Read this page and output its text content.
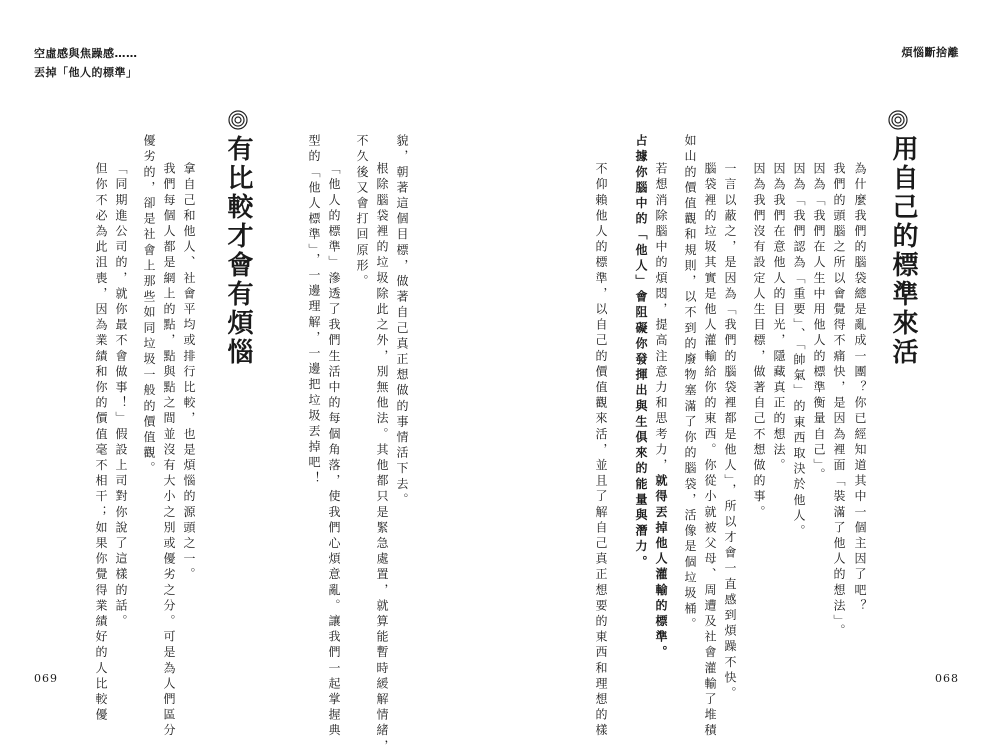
空虛感與焦躁感……
丟掉「他人的標準」
煩惱斷捨離
用自己的標準來活
為什麼我們的腦袋總是亂成一團？你已經知道其中一個主因了吧？
我們的頭腦之所以會覺得不痛快，是因為裡面「裝滿了他人的想法」。
因為「我們在人生中用他人的標準衡量自己」。
因為「我們認為「重要」、「帥氣」的東西取決於他人。
因為我們在意他人的目光，隱藏真正的想法。
因為我們沒有設定人生目標，做著自己不想做的事。
一言以蔽之，是因為「我們的腦袋裡都是他人」，所以才會一直感到煩躁不快。
腦袋裡的垃圾其實是他人灌輸給你的東西。你從小就被父母、周遭及社會灌輸了堆積
如山的價值觀和規則，以不到的廢物塞滿了你的腦袋，活像是個垃圾桶。
若想消除腦中的煩悶，提高注意力和思考力，就得丟掉他人灌輸的標準。
占據你腦中的「他人」會阻礙你發揮出與生俱來的能量與潛力。
不仰賴他人的標準，以自己的價值觀來活，並且了解自己真正想要的東西和理想的樣
貌，朝著這個目標，做著自己真正想做的事情活下去。
根除腦袋裡的垃圾除此之外，別無他法。其他都只是緊急處置，就算能暫時緩解情緒，
不久後又會打回原形。
「他人的標準」滲透了我們生活中的每個角落，使我們心煩意亂。讓我們一起掌握典
型的「他人標準」，一邊理解，一邊把垃圾丟掉吧！
有比較才會有煩惱
拿自己和他人、社會平均或排行比較，也是煩惱的源頭之一。
我們每個人都是網上的點，點與點之間並沒有大小之別或優劣之分。可是為人們區分
優劣的，卻是社會上那些如同垃圾一般的價值觀。
「同期進公司的，就你最不會做事！」假設上司對你說了這樣的話。
但你不必為此沮喪，因為業績和你的價值毫不相干；如果你覺得業績好的人比較優
069	068
